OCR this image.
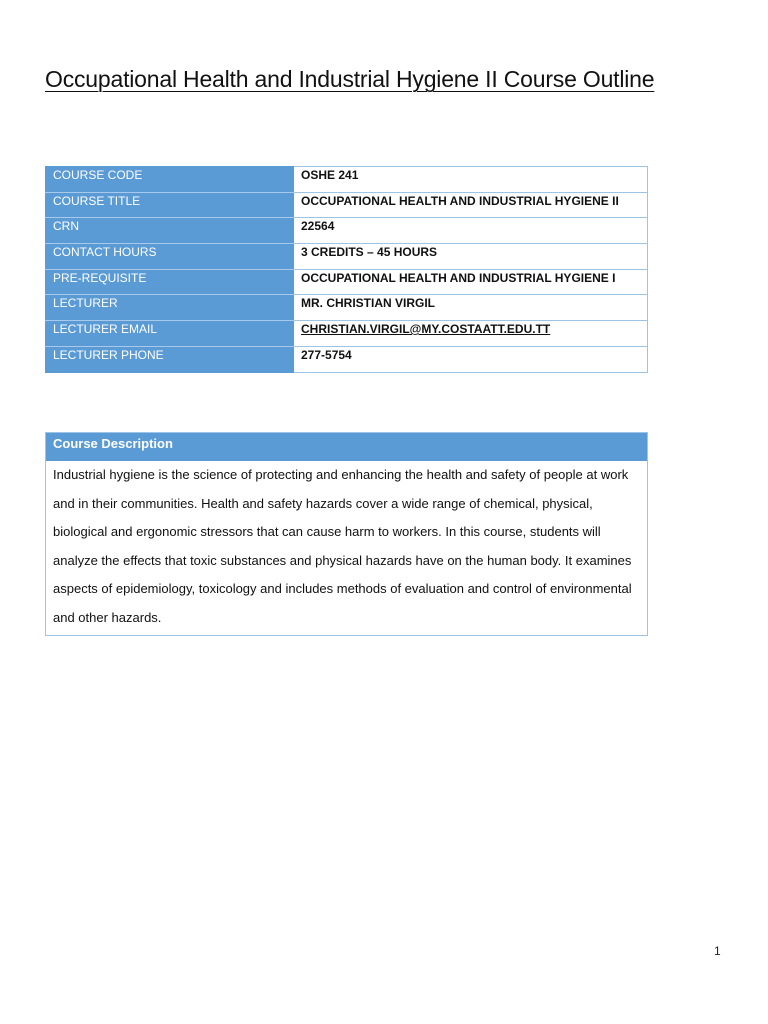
Occupational Health and Industrial Hygiene II Course Outline
COURSE CODE	OSHE 241
COURSE TITLE	OCCUPATIONAL HEALTH AND INDUSTRIAL HYGIENE II
CRN	22564
CONTACT HOURS	3 CREDITS – 45 HOURS
PRE-REQUISITE	OCCUPATIONAL HEALTH AND INDUSTRIAL HYGIENE I
LECTURER	MR. CHRISTIAN VIRGIL
LECTURER EMAIL	CHRISTIAN.VIRGIL@MY.COSTAATT.EDU.TT
LECTURER PHONE	277-5754
Course Description
Industrial hygiene is the science of protecting and enhancing the health and safety of people at work and in their communities. Health and safety hazards cover a wide range of chemical, physical, biological and ergonomic stressors that can cause harm to workers. In this course, students will analyze the effects that toxic substances and physical hazards have on the human body. It examines aspects of epidemiology, toxicology and includes methods of evaluation and control of environmental and other hazards.
1
